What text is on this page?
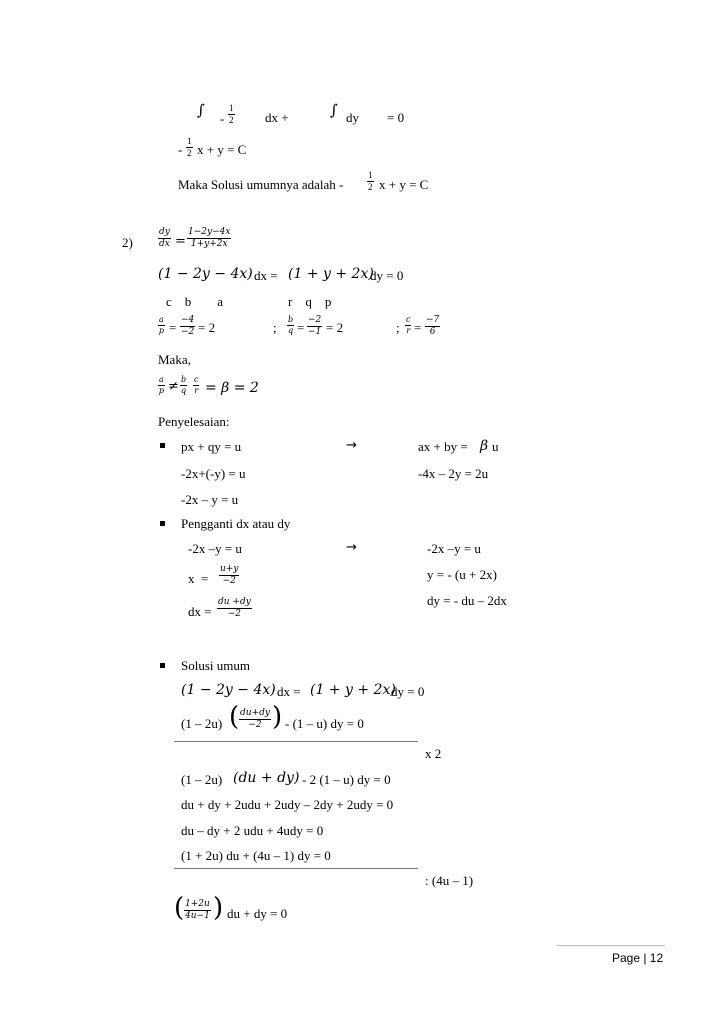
∫ - $\frac{1}{2}$ dx +	∫ dy = 0
- $\frac{1}{2}$ x + y = C
Maka Solusi umumnya adalah -	$\frac{1}{2}$ x + y = C
2)	$\frac{dy}{dx} = \frac{1-2y-4x}{1+y+2x}$
(1 − 2y − 4x) dx = (1 + y + 2x)
dy = 0
c    b        a	r    q    p
$\frac{a}{p} = \frac{-4}{-2} = 2$	; $\frac{b}{q} = \frac{-2}{-1} = 2$	; $\frac{c}{r} = \frac{-7}{6}$
Maka,
$\frac{a}{p} \ne \frac{b}{q} \frac{c}{r} = \beta = 2$
Penyelesaian:
px + qy = u	→	ax + by = β u
-2x+(-y) = u	-4x – 2y = 2u
-2x – y = u
Pengganti dx atau dy
-2x –y = u	→	-2x –y = u
$x = \frac{u+y}{-2}$	y = - (u + 2x)
dx = $\frac{du +dy}{-2}$	dy = - du – 2dx
Solusi umum
(1 − 2y − 4x) dx = (1 + y + 2x)
dy = 0
(1 – 2u) ( $\frac{du+dy}{-2}$ ) - (1 – u) dy = 0
x 2
(1 – 2u) (du + dy) - 2 (1 – u) dy = 0
du + dy + 2udu + 2udy – 2dy + 2udy = 0
du – dy + 2 udu + 4udy = 0
(1 + 2u) du + (4u – 1) dy = 0
: (4u – 1)
( $\frac{1+2u}{4u-1}$ ) du + dy = 0
Page | 12
